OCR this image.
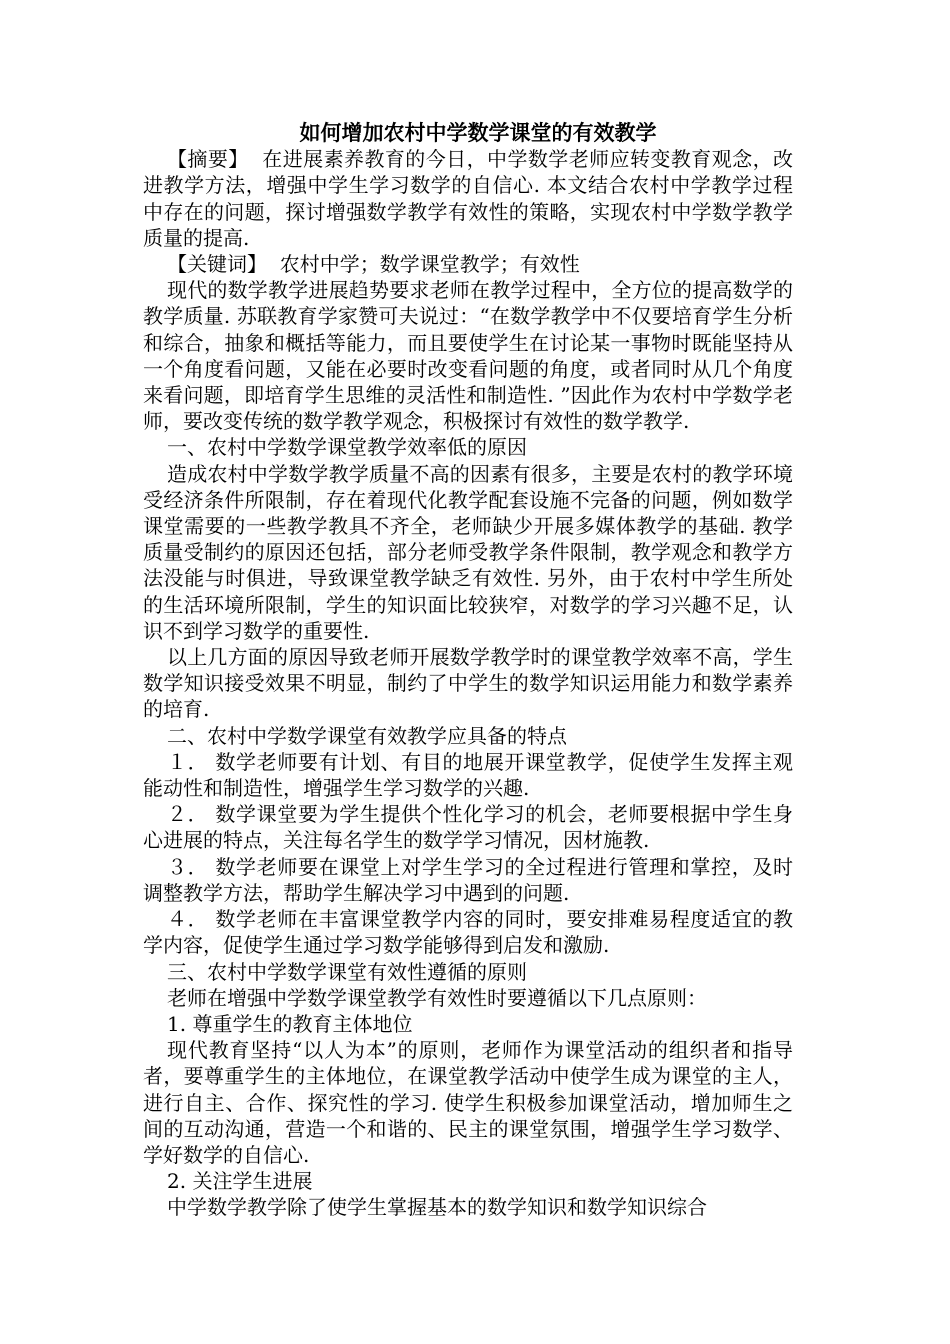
如何增加农村中学数学课堂的有效教学

【摘要】 在进展素养教育的今日，中学数学老师应转变教育观念，改进教学方法，增强中学生学习数学的自信心. 本文结合农村中学教学过程中存在的问题，探讨增强数学教学有效性的策略，实现农村中学数学教学质量的提高.

【关键词】 农村中学；数学课堂教学；有效性

现代的数学教学进展趋势要求老师在教学过程中，全方位的提高数学的教学质量. 苏联教育学家赞可夫说过：“在数学教学中不仅要培育学生分析和综合，抽象和概括等能力，而且要使学生在讨论某一事物时既能坚持从一个角度看问题，又能在必要时改变看问题的角度，或者同时从几个角度来看问题，即培育学生思维的灵活性和制造性. ”因此作为农村中学数学老师，要改变传统的数学教学观念，积极探讨有效性的数学教学.

一、农村中学数学课堂教学效率低的原因

造成农村中学数学教学质量不高的因素有很多，主要是农村的教学环境受经济条件所限制，存在着现代化教学配套设施不完备的问题，例如数学课堂需要的一些教学教具不齐全，老师缺少开展多媒体教学的基础. 教学质量受制约的原因还包括，部分老师受教学条件限制，教学观念和教学方法没能与时俱进，导致课堂教学缺乏有效性. 另外，由于农村中学生所处的生活环境所限制，学生的知识面比较狭窄，对数学的学习兴趣不足，认识不到学习数学的重要性.

以上几方面的原因导致老师开展数学教学时的课堂教学效率不高，学生数学知识接受效果不明显，制约了中学生的数学知识运用能力和数学素养的培育.

二、农村中学数学课堂有效教学应具备的特点

１． 数学老师要有计划、有目的地展开课堂教学，促使学生发挥主观能动性和制造性，增强学生学习数学的兴趣.

２． 数学课堂要为学生提供个性化学习的机会，老师要根据中学生身心进展的特点，关注每名学生的数学学习情况，因材施教.

３． 数学老师要在课堂上对学生学习的全过程进行管理和掌控，及时调整教学方法，帮助学生解决学习中遇到的问题.

４． 数学老师在丰富课堂教学内容的同时，要安排难易程度适宜的教学内容，促使学生通过学习数学能够得到启发和激励.

三、农村中学数学课堂有效性遵循的原则

老师在增强中学数学课堂教学有效性时要遵循以下几点原则：

1. 尊重学生的教育主体地位

现代教育坚持“以人为本”的原则，老师作为课堂活动的组织者和指导者，要尊重学生的主体地位，在课堂教学活动中使学生成为课堂的主人，进行自主、合作、探究性的学习. 使学生积极参加课堂活动，增加师生之间的互动沟通，营造一个和谐的、民主的课堂氛围，增强学生学习数学、学好数学的自信心.

2. 关注学生进展

中学数学教学除了使学生掌握基本的数学知识和数学知识综合
